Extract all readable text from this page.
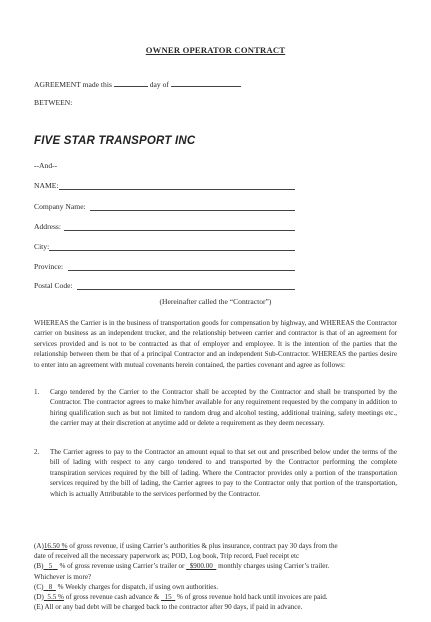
OWNER OPERATOR CONTRACT
AGREEMENT made this	day of
BETWEEN:
FIVE STAR TRANSPORT INC
--And--
NAME:
Company Name:
Address:
City:
Province:
Postal Code:
(Hereinafter called the “Contractor”)
WHEREAS the Carrier is in the business of transportation goods for compensation by highway, and WHEREAS the Contractor carrier on business as an independent trucker, and the relationship between carrier and contractor is that of an agreement for services provided and is not to be contracted as that of employer and employee. It is the intention of the parties that the relationship between them be that of a principal Contractor and an independent Sub-Contractor. WHEREAS the parties desire to enter into an agreement with mutual covenants herein contained, the parties covenant and agree as follows:
1. Cargo tendered by the Carrier to the Contractor shall be accepted by the Contractor and shall be transported by the Contractor. The contractor agrees to make him/her available for any requirement requested by the company in addition to hiring qualification such as but not limited to random drug and alcohol testing, additional training, safety meetings etc., the carrier may at their discretion at anytime add or delete a requirement as they deem necessary.
2. The Carrier agrees to pay to the Contractor an amount equal to that set out and prescribed below under the terms of the bill of lading with respect to any cargo tendered to and transported by the Contractor performing the complete transpiration services required by the bill of lading. Where the Contractor provides only a portion of the transportation services required by the bill of lading, the Carrier agrees to pay to the Contractor only that portion of the transportation, which is actually Attributable to the services performed by the Contractor.
(A)16.50 % of gross revenue, if using Carrier’s authorities & plus insurance, contract pay 30 days from the
date of received all the necessary paperwork as; POD, Log book, Trip record, Fuel receipt etc
(B) 5    % of gross revenue using Carrier’s trailer or   $900.00   monthly charges using Carrier’s trailer.
Whichever is more?
(C) 8   % Weekly charges for dispatch, if using own authorities.
(D) 5.5 % of gross revenue cash advance &   15   % of gross revenue hold back until invoices are paid.
(E) All or any bad debt will be charged back to the contractor after 90 days, if paid in advance.
